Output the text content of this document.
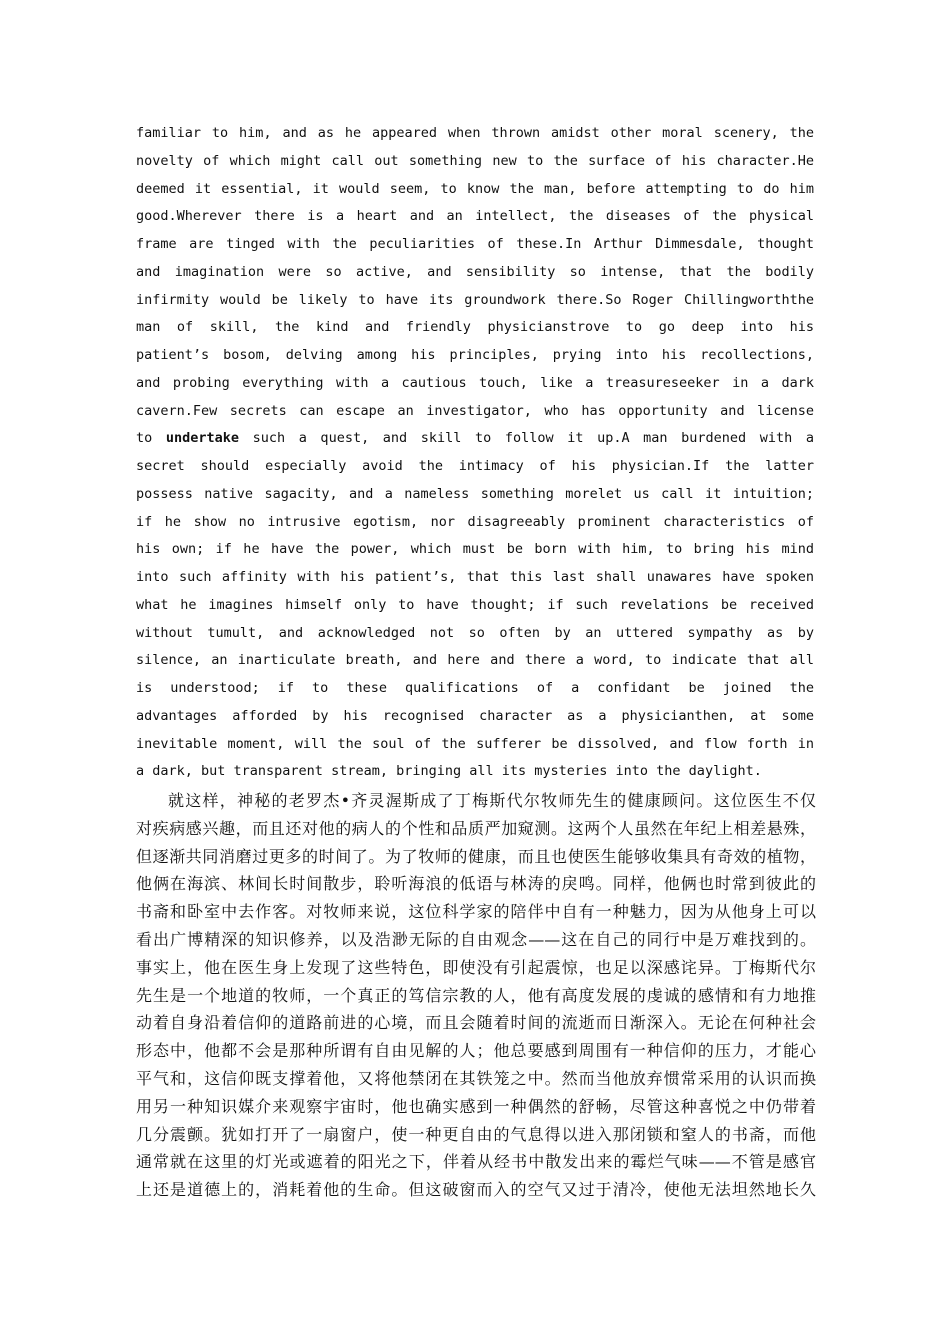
familiar to him, and as he appeared when thrown amidst other moral scenery, the
novelty of which might call out something new to the surface of his character.He
deemed it essential, it would seem, to know the man, before attempting to do him
good.Wherever there is a heart and an intellect, the diseases of the physical
frame are tinged with the peculiarities of these.In Arthur Dimmesdale, thought
and imagination were so active, and sensibility so intense, that the bodily
infirmity would be likely to have its groundwork there.So Roger Chillingworththe
man of skill, the kind and friendly physicianstrove to go deep into his
patient’s bosom, delving among his principles, prying into his recollections,
and probing everything with a cautious touch, like a treasureseeker in a dark
cavern.Few secrets can escape an investigator, who has opportunity and license
to undertake such a quest, and skill to follow it up.A man burdened with a
secret should especially avoid the intimacy of his physician.If the latter
possess native sagacity, and a nameless something morelet us call it intuition;
if he show no intrusive egotism, nor disagreeably prominent characteristics of
his own; if he have the power, which must be born with him, to bring his mind
into such affinity with his patient’s, that this last shall unawares have spoken
what he imagines himself only to have thought; if such revelations be received
without tumult, and acknowledged not so often by an uttered sympathy as by
silence, an inarticulate breath, and here and there a word, to indicate that all
is understood; if to these qualifications of a confidant be joined the
advantages afforded by his recognised character as a physicianthen, at some
inevitable moment, will the soul of the sufferer be dissolved, and flow forth in
a dark, but transparent stream, bringing all its mysteries into the daylight.
就这样，神秘的老罗杰•齐灵渥斯成了丁梅斯代尔牧师先生的健康顾问。这位医生不仅
对疾病感兴趣，而且还对他的病人的个性和品质严加窥测。这两个人虽然在年纪上相差悬殊，
但逐渐共同消磨过更多的时间了。为了牧师的健康，而且也使医生能够收集具有奇效的植物，
他俩在海滨、林间长时间散步，聆听海浪的低语与林涛的戾鸣。同样，他俩也时常到彼此的
书斋和卧室中去作客。对牧师来说，这位科学家的陪伴中自有一种魅力，因为从他身上可以
看出广博精深的知识修养，以及浩渺无际的自由观念——这在自己的同行中是万难找到的。
事实上，他在医生身上发现了这些特色，即使没有引起震惊，也足以深感诧异。丁梅斯代尔
先生是一个地道的牧师，一个真正的笃信宗教的人，他有高度发展的虔诚的感情和有力地推
动着自身沿着信仰的道路前进的心境，而且会随着时间的流逝而日渐深入。无论在何种社会
形态中，他都不会是那种所谓有自由见解的人；他总要感到周围有一种信仰的压力，才能心
平气和，这信仰既支撑着他，又将他禁闭在其铁笼之中。然而当他放弃惯常采用的认识而换
用另一种知识媒介来观察宇宙时，他也确实感到一种偶然的舒畅，尽管这种喜悦之中仍带着
几分震颤。犹如打开了一扇窗户，使一种更自由的气息得以进入那闭锁和窒人的书斋，而他
通常就在这里的灯光或遮着的阳光之下，伴着从经书中散发出来的霉烂气味——不管是感官
上还是道德上的，消耗着他的生命。但这破窗而入的空气又过于清冷，使他无法坦然地长久
